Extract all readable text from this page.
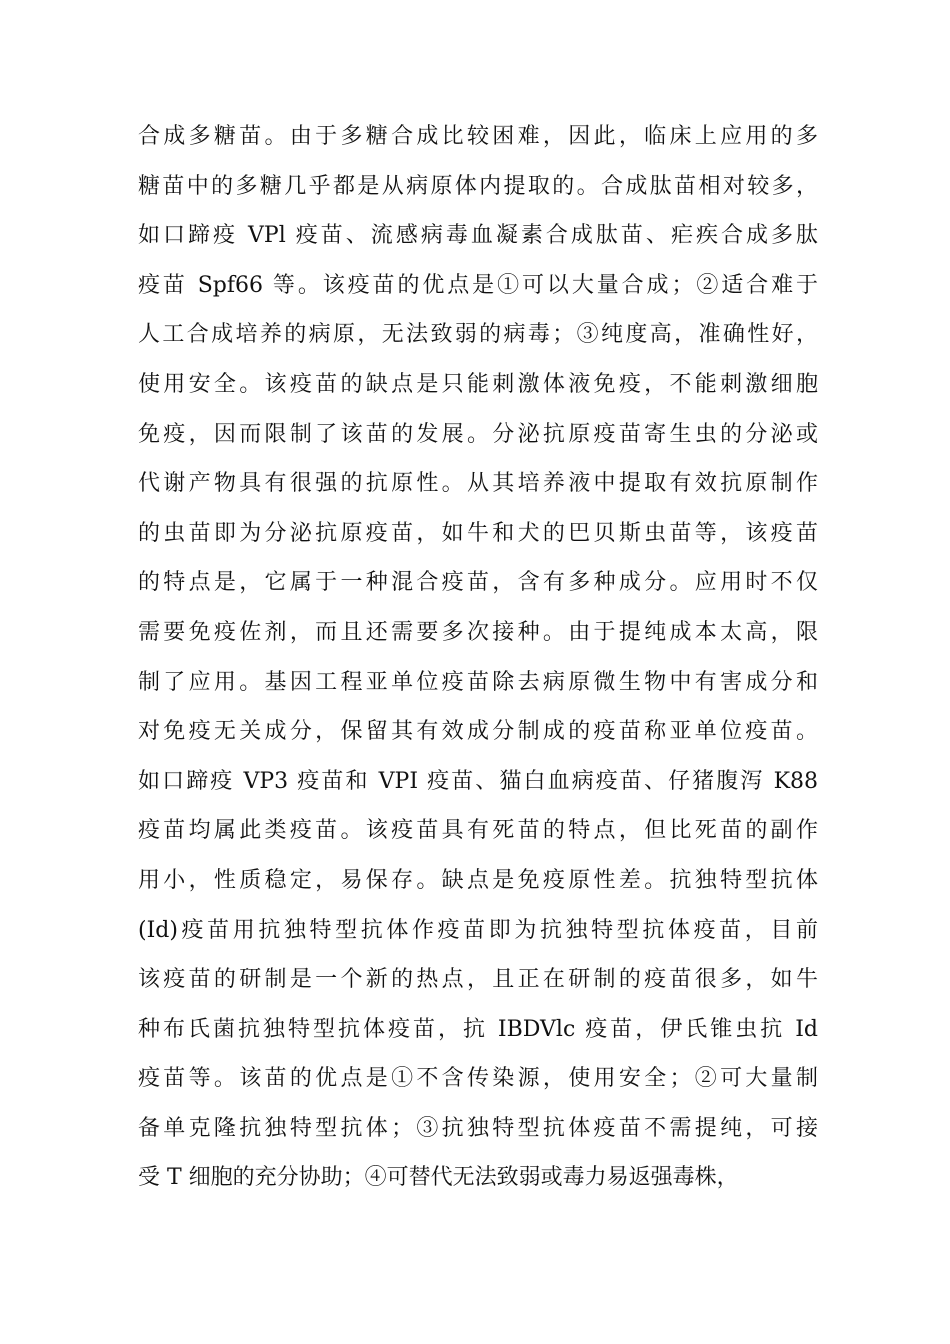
合成多糖苗。由于多糖合成比较困难，因此，临床上应用的多
糖苗中的多糖几乎都是从病原体内提取的。合成肽苗相对较多，
如口蹄疫 VPl 疫苗、流感病毒血凝素合成肽苗、疟疾合成多肽
疫苗 Spf66 等。该疫苗的优点是①可以大量合成；②适合难于
人工合成培养的病原，无法致弱的病毒；③纯度高，准确性好，
使用安全。该疫苗的缺点是只能刺激体液免疫，不能刺激细胞
免疫，因而限制了该苗的发展。分泌抗原疫苗寄生虫的分泌或
代谢产物具有很强的抗原性。从其培养液中提取有效抗原制作
的虫苗即为分泌抗原疫苗，如牛和犬的巴贝斯虫苗等，该疫苗
的特点是，它属于一种混合疫苗，含有多种成分。应用时不仅
需要免疫佐剂，而且还需要多次接种。由于提纯成本太高，限
制了应用。基因工程亚单位疫苗除去病原微生物中有害成分和
对免疫无关成分，保留其有效成分制成的疫苗称亚单位疫苗。
如口蹄疫 VP3 疫苗和 VPI 疫苗、猫白血病疫苗、仔猪腹泻 K88
疫苗均属此类疫苗。该疫苗具有死苗的特点，但比死苗的副作
用小，性质稳定，易保存。缺点是免疫原性差。抗独特型抗体
(Id)疫苗用抗独特型抗体作疫苗即为抗独特型抗体疫苗，目前
该疫苗的研制是一个新的热点，且正在研制的疫苗很多，如牛
种布氏菌抗独特型抗体疫苗，抗 IBDVlc 疫苗，伊氏锥虫抗 Id
疫苗等。该苗的优点是①不含传染源，使用安全；②可大量制
备单克隆抗独特型抗体；③抗独特型抗体疫苗不需提纯，可接
受 T 细胞的充分协助；④可替代无法致弱或毒力易返强毒株，
